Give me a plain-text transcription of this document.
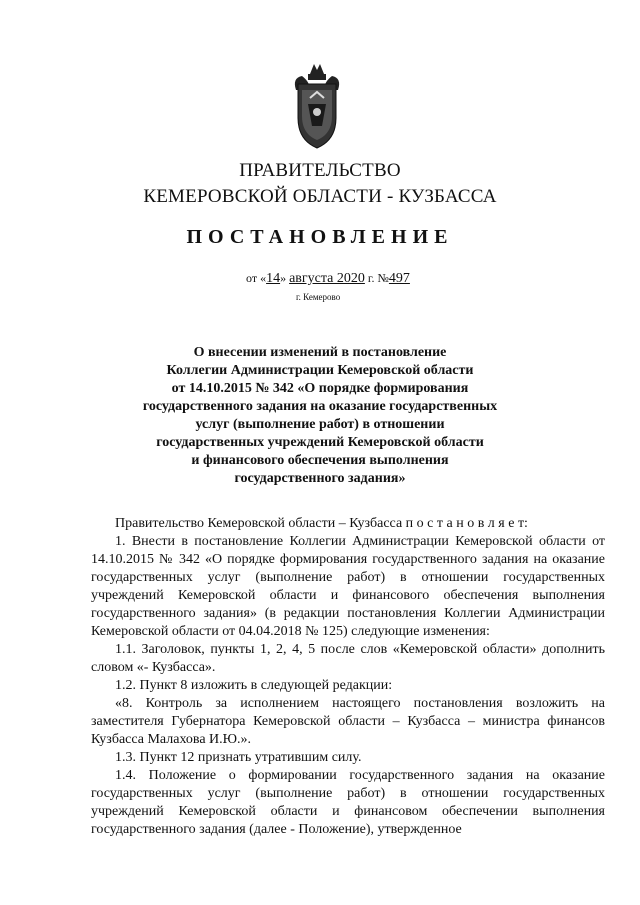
ПРАВИТЕЛЬСТВО
КЕМЕРОВСКОЙ ОБЛАСТИ - КУЗБАССА
ПОСТАНОВЛЕНИЕ
от «14» августа 2020 г. №497
г. Кемерово
О внесении изменений в постановление
Коллегии Администрации Кемеровской области
от 14.10.2015 № 342 «О порядке формирования
государственного задания на оказание государственных
услуг (выполнение работ) в отношении
государственных учреждений Кемеровской области
и финансового обеспечения выполнения
государственного задания»

Правительство Кемеровской области – Кузбасса п о с т а н о в л я е т:

1. Внести в постановление Коллегии Администрации Кемеровской области от 14.10.2015 № 342 «О порядке формирования государственного задания на оказание государственных услуг (выполнение работ) в отношении государственных учреждений Кемеровской области и финансового обеспечения выполнения государственного задания» (в редакции постановления Коллегии Администрации Кемеровской области от 04.04.2018 № 125) следующие изменения:

1.1. Заголовок, пункты 1, 2, 4, 5 после слов «Кемеровской области» дополнить словом «- Кузбасса».

1.2. Пункт 8 изложить в следующей редакции:

«8. Контроль за исполнением настоящего постановления возложить на заместителя Губернатора Кемеровской области – Кузбасса – министра финансов Кузбасса Малахова И.Ю.».

1.3. Пункт 12 признать утратившим силу.

1.4. Положение о формировании государственного задания на оказание государственных услуг (выполнение работ) в отношении государственных учреждений Кемеровской области и финансовом обеспечении выполнения государственного задания (далее - Положение), утвержденное
